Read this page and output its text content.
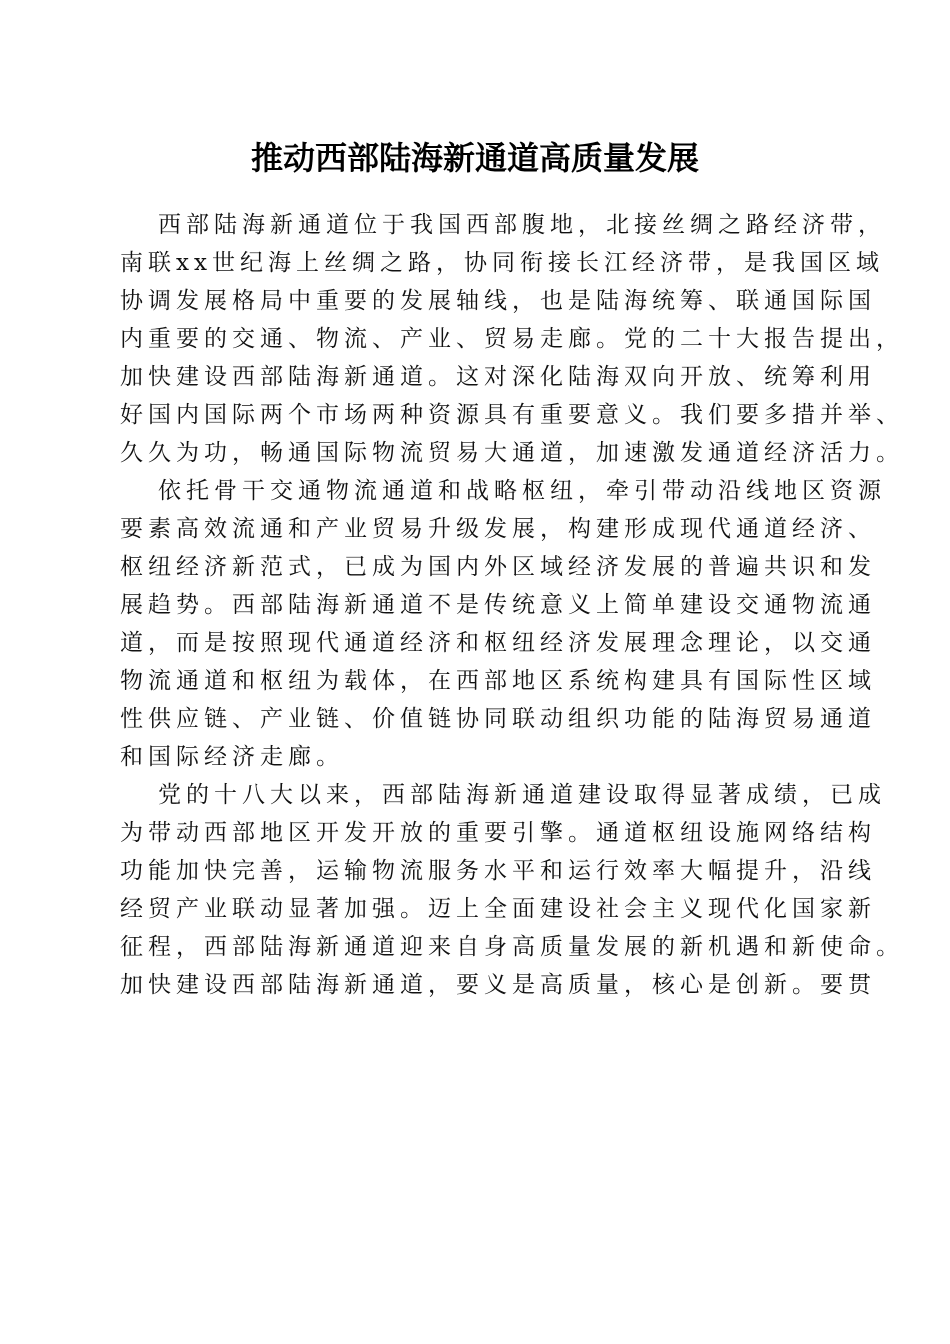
推动西部陆海新通道高质量发展
西部陆海新通道位于我国西部腹地，北接丝绸之路经济带，
南联xx世纪海上丝绸之路，协同衔接长江经济带，是我国区域
协调发展格局中重要的发展轴线，也是陆海统筹、联通国际国
内重要的交通、物流、产业、贸易走廊。党的二十大报告提出，
加快建设西部陆海新通道。这对深化陆海双向开放、统筹利用
好国内国际两个市场两种资源具有重要意义。我们要多措并举、
久久为功，畅通国际物流贸易大通道，加速激发通道经济活力。
依托骨干交通物流通道和战略枢纽，牵引带动沿线地区资源
要素高效流通和产业贸易升级发展，构建形成现代通道经济、
枢纽经济新范式，已成为国内外区域经济发展的普遍共识和发
展趋势。西部陆海新通道不是传统意义上简单建设交通物流通
道，而是按照现代通道经济和枢纽经济发展理念理论，以交通
物流通道和枢纽为载体，在西部地区系统构建具有国际性区域
性供应链、产业链、价值链协同联动组织功能的陆海贸易通道
和国际经济走廊。
党的十八大以来，西部陆海新通道建设取得显著成绩，已成
为带动西部地区开发开放的重要引擎。通道枢纽设施网络结构
功能加快完善，运输物流服务水平和运行效率大幅提升，沿线
经贸产业联动显著加强。迈上全面建设社会主义现代化国家新
征程，西部陆海新通道迎来自身高质量发展的新机遇和新使命。
加快建设西部陆海新通道，要义是高质量，核心是创新。要贯
